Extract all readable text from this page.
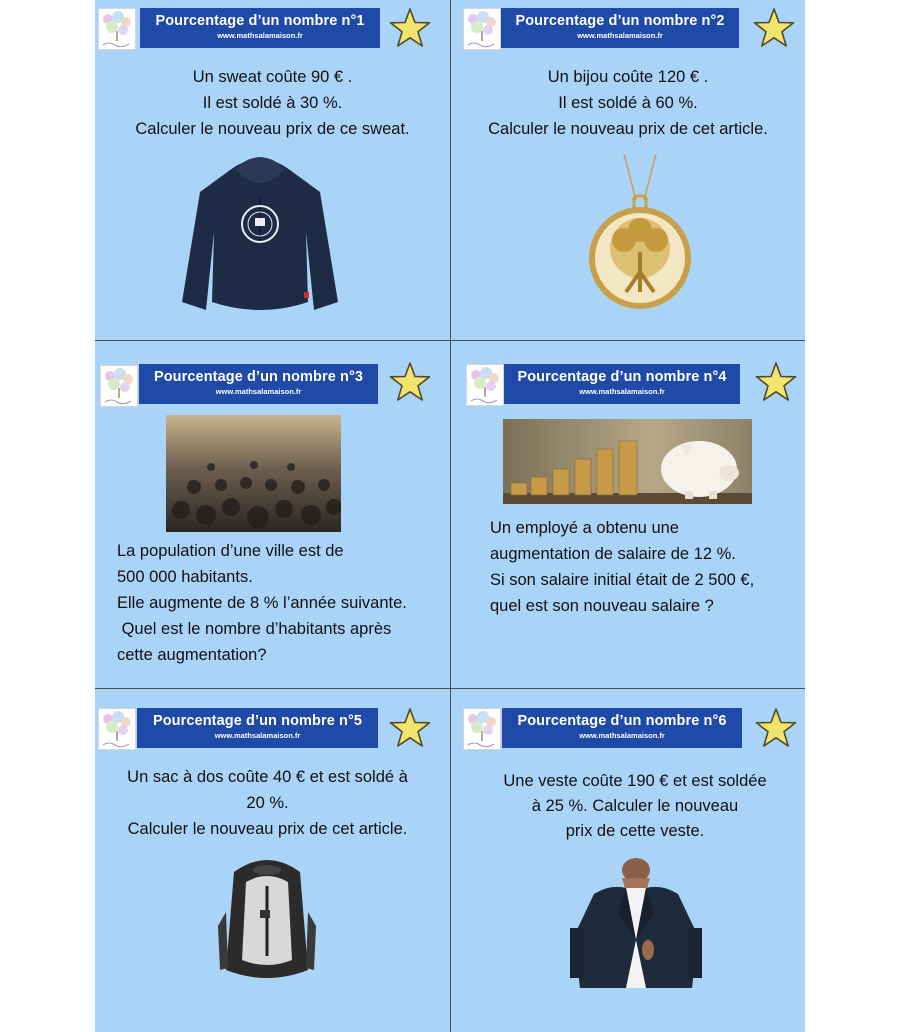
Pourcentage d’un nombre n°1
www.mathsalamaison.fr
Un sweat coûte 90 € .
Il est soldé à 30 %.
Calculer le nouveau prix de ce sweat.
Pourcentage d’un nombre n°2
www.mathsalamaison.fr
Un bijou coûte 120 € .
Il est soldé à 60 %.
Calculer le nouveau prix de cet article.
Pourcentage d’un nombre n°3
www.mathsalamaison.fr
La population d’une ville est de
500 000 habitants.
Elle augmente de 8 % l’année suivante.
Quel est le nombre d’habitants après
cette augmentation?
Pourcentage d’un nombre n°4
www.mathsalamaison.fr
Un employé a obtenu une
augmentation de salaire de 12 %.
Si son salaire initial était de 2 500 €,
quel est son nouveau salaire ?
Pourcentage d’un nombre n°5
www.mathsalamaison.fr
Un sac à dos coûte 40 € et est soldé à
20 %.
Calculer le nouveau prix de cet article.
Pourcentage d’un nombre n°6
www.mathsalamaison.fr
Une veste coûte 190 € et est soldée
à 25 %. Calculer le nouveau
prix de cette veste.
